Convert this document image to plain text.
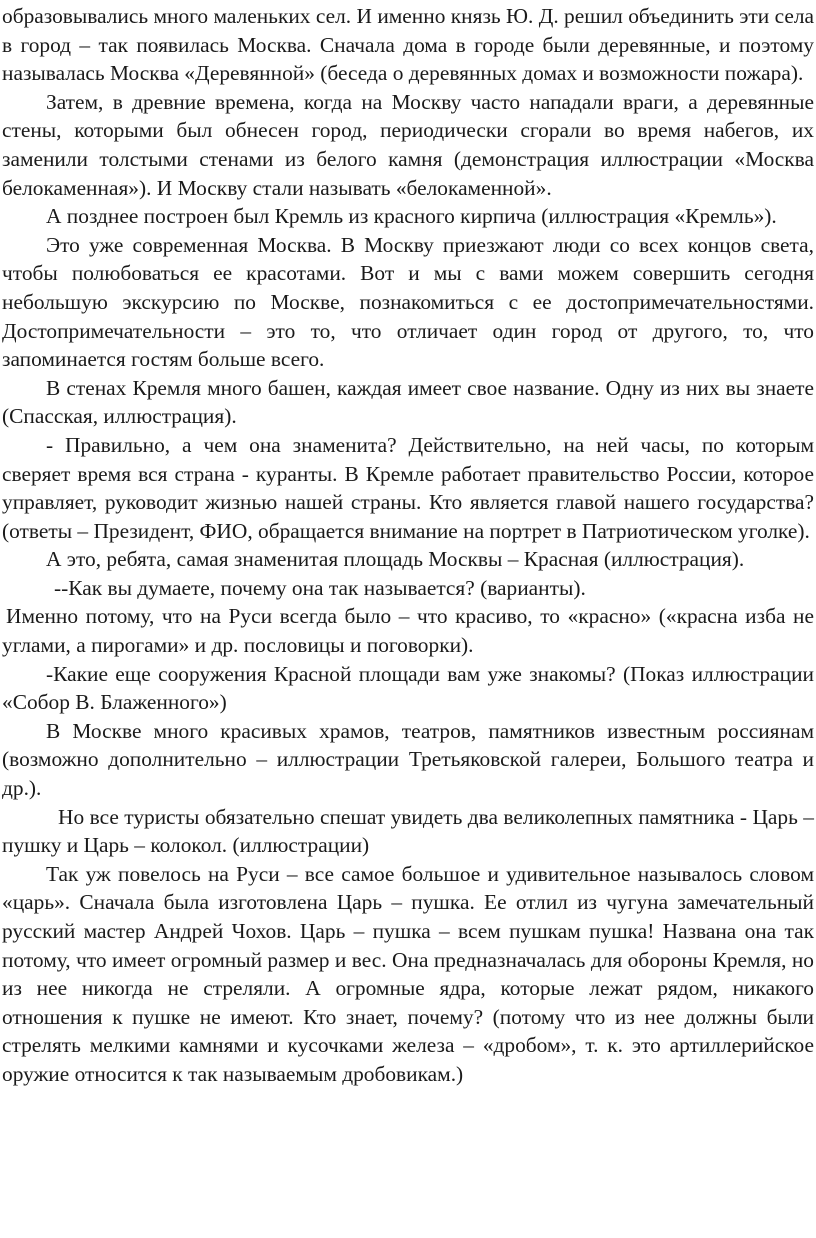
образовывались много маленьких сел. И именно князь Ю. Д. решил объединить эти села в город – так появилась Москва. Сначала дома в городе были деревянные, и поэтому называлась Москва «Деревянной» (беседа о деревянных домах и возможности пожара).

Затем, в древние времена, когда на Москву часто нападали враги, а деревянные стены, которыми был обнесен город, периодически сгорали во время набегов, их заменили толстыми стенами из белого камня (демонстрация иллюстрации «Москва белокаменная»). И Москву стали называть «белокаменной».

А позднее построен был Кремль из красного кирпича (иллюстрация «Кремль»).

Это уже современная Москва. В Москву приезжают люди со всех концов света, чтобы полюбоваться ее красотами. Вот и мы с вами можем совершить сегодня небольшую экскурсию по Москве, познакомиться с ее достопримечательностями. Достопримечательности – это то, что отличает один город от другого, то, что запоминается гостям больше всего.

В стенах Кремля много башен, каждая имеет свое название. Одну из них вы знаете (Спасская, иллюстрация).

- Правильно, а чем она знаменита? Действительно, на ней часы, по которым сверяет время вся страна - куранты. В Кремле работает правительство России, которое управляет, руководит жизнью нашей страны. Кто является главой нашего государства? (ответы – Президент, ФИО, обращается внимание на портрет в Патриотическом уголке).

А это, ребята, самая знаменитая площадь Москвы – Красная (иллюстрация).

--Как вы думаете, почему она так называется? (варианты).

Именно потому, что на Руси всегда было – что красиво, то «красно» («красна изба не углами, а пирогами» и др. пословицы и поговорки).

-Какие еще сооружения Красной площади вам уже знакомы? (Показ иллюстрации «Собор В. Блаженного»)

В Москве много красивых храмов, театров, памятников известным россиянам (возможно дополнительно – иллюстрации Третьяковской галереи, Большого театра и др.).

Но все туристы обязательно спешат увидеть два великолепных памятника - Царь – пушку и Царь – колокол. (иллюстрации)

Так уж повелось на Руси – все самое большое и удивительное называлось словом «царь». Сначала была изготовлена Царь – пушка. Ее отлил из чугуна замечательный русский мастер Андрей Чохов. Царь – пушка – всем пушкам пушка! Названа она так потому, что имеет огромный размер и вес. Она предназначалась для обороны Кремля, но из нее никогда не стреляли. А огромные ядра, которые лежат рядом, никакого отношения к пушке не имеют. Кто знает, почему? (потому что из нее должны были стрелять мелкими камнями и кусочками железа – «дробом», т. к. это артиллерийское оружие относится к так называемым дробовикам.)
